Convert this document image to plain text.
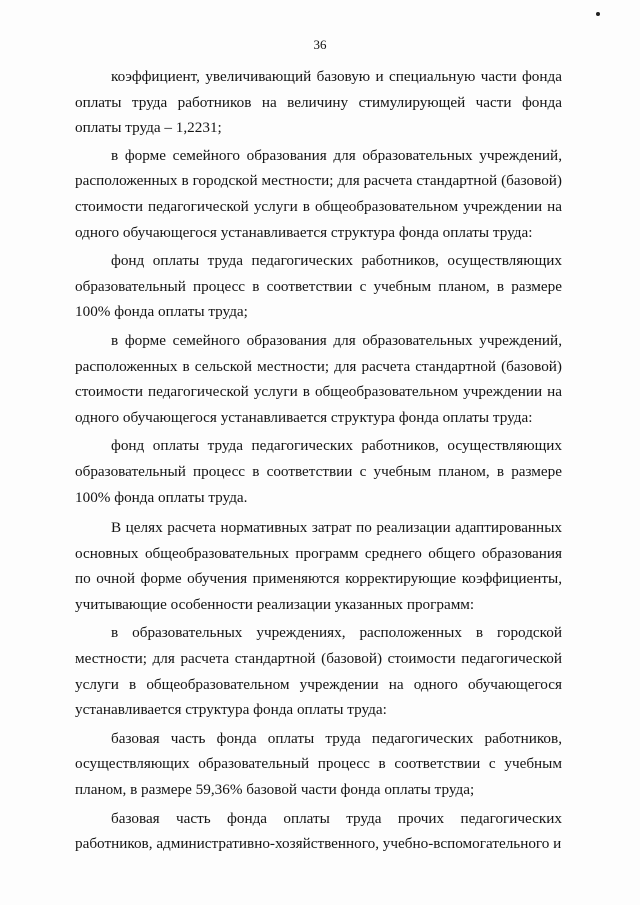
36

коэффициент, увеличивающий базовую и специальную части фонда оплаты труда работников на величину стимулирующей части фонда оплаты труда – 1,2231;

в форме семейного образования для образовательных учреждений, расположенных в городской местности; для расчета стандартной (базовой) стоимости педагогической услуги в общеобразовательном учреждении на одного обучающегося устанавливается структура фонда оплаты труда:

фонд оплаты труда педагогических работников, осуществляющих образовательный процесс в соответствии с учебным планом, в размере 100% фонда оплаты труда;

в форме семейного образования для образовательных учреждений, расположенных в сельской местности; для расчета стандартной (базовой) стоимости педагогической услуги в общеобразовательном учреждении на одного обучающегося устанавливается структура фонда оплаты труда:

фонд оплаты труда педагогических работников, осуществляющих образовательный процесс в соответствии с учебным планом, в размере 100% фонда оплаты труда.

В целях расчета нормативных затрат по реализации адаптированных основных общеобразовательных программ среднего общего образования по очной форме обучения применяются корректирующие коэффициенты, учитывающие особенности реализации указанных программ:

в образовательных учреждениях, расположенных в городской местности; для расчета стандартной (базовой) стоимости педагогической услуги в общеобразовательном учреждении на одного обучающегося устанавливается структура фонда оплаты труда:

базовая часть фонда оплаты труда педагогических работников, осуществляющих образовательный процесс в соответствии с учебным планом, в размере 59,36% базовой части фонда оплаты труда;

базовая часть фонда оплаты труда прочих педагогических работников, административно-хозяйственного, учебно-вспомогательного и
